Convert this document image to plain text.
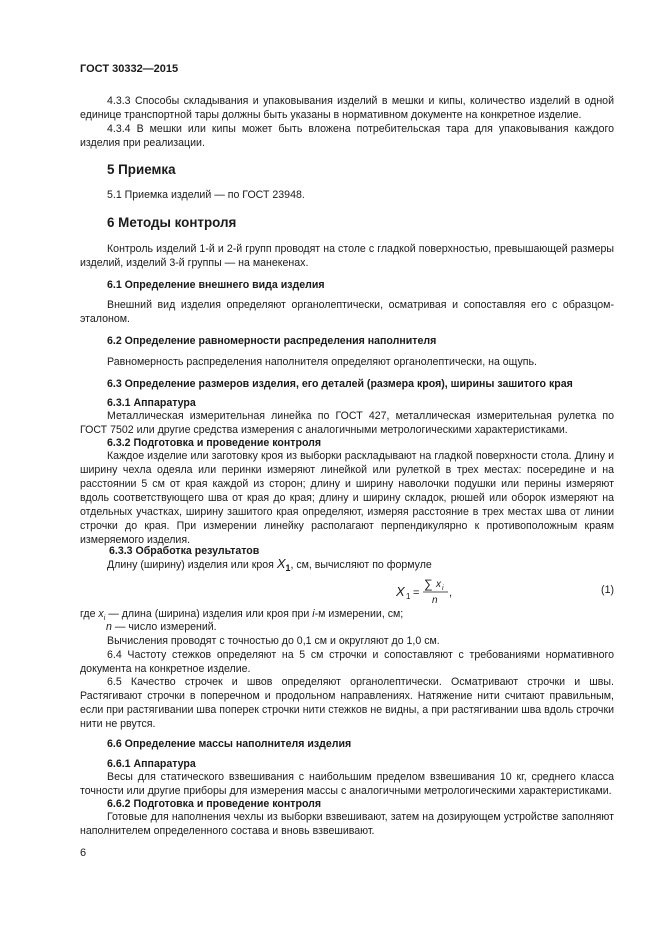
ГОСТ 30332—2015
4.3.3 Способы складывания и упаковывания изделий в мешки и кипы, количество изделий в одной единице транспортной тары должны быть указаны в нормативном документе на конкретное изделие.
4.3.4 В мешки или кипы может быть вложена потребительская тара для упаковывания каждого изделия при реализации.
5 Приемка
5.1 Приемка изделий — по ГОСТ 23948.
6 Методы контроля
Контроль изделий 1-й и 2-й групп проводят на столе с гладкой поверхностью, превышающей размеры изделий, изделий 3-й группы — на манекенах.
6.1 Определение внешнего вида изделия
Внешний вид изделия определяют органолептически, осматривая и сопоставляя его с образцом-эталоном.
6.2 Определение равномерности распределения наполнителя
Равномерность распределения наполнителя определяют органолептически, на ощупь.
6.3 Определение размеров изделия, его деталей (размера кроя), ширины зашитого края
6.3.1 Аппаратура
Металлическая измерительная линейка по ГОСТ 427, металлическая измерительная рулетка по ГОСТ 7502 или другие средства измерения с аналогичными метрологическими характеристиками.
6.3.2 Подготовка и проведение контроля
Каждое изделие или заготовку кроя из выборки раскладывают на гладкой поверхности стола. Длину и ширину чехла одеяла или перинки измеряют линейкой или рулеткой в трех местах: посередине и на расстоянии 5 см от края каждой из сторон; длину и ширину наволочки подушки или перины измеряют вдоль соответствующего шва от края до края; длину и ширину складок, рюшей или оборок измеряют на отдельных участках, ширину зашитого края определяют, измеряя расстояние в трех местах шва от линии строчки до края. При измерении линейку располагают перпендикулярно к противоположным краям измеряемого изделия.
6.3.3 Обработка результатов
Длину (ширину) изделия или кроя $X_1$, см, вычисляют по формуле
X 1 =
∑ x i
n
,	(1)
где $x_i$ — длина (ширина) изделия или кроя при i-м измерении, см;
n — число измерений.
Вычисления проводят с точностью до 0,1 см и округляют до 1,0 см.
6.4 Частоту стежков определяют на 5 см строчки и сопоставляют с требованиями нормативного документа на конкретное изделие.
6.5 Качество строчек и швов определяют органолептически. Осматривают строчки и швы. Растягивают строчки в поперечном и продольном направлениях. Натяжение нити считают правильным, если при растягивании шва поперек строчки нити стежков не видны, а при растягивании шва вдоль строчки нити не рвутся.
6.6 Определение массы наполнителя изделия
6.6.1 Аппаратура
Весы для статического взвешивания с наибольшим пределом взвешивания 10 кг, среднего класса точности или другие приборы для измерения массы с аналогичными метрологическими характеристиками.
6.6.2 Подготовка и проведение контроля
Готовые для наполнения чехлы из выборки взвешивают, затем на дозирующем устройстве заполняют наполнителем определенного состава и вновь взвешивают.
6
